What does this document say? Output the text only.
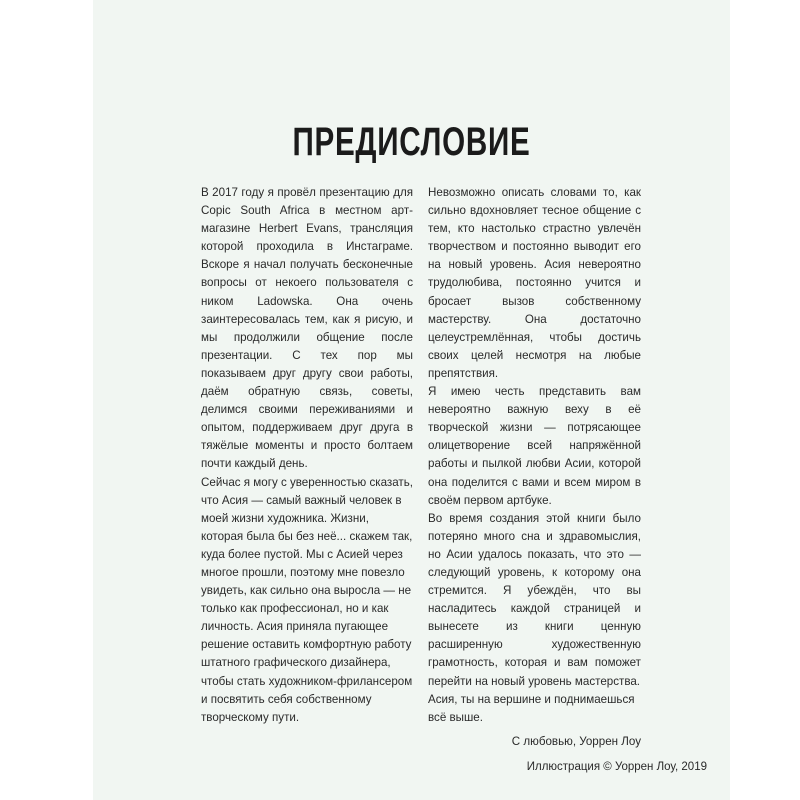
ПРЕДИСЛОВИЕ

В 2017 году я провёл презентацию для Copic South Africa в местном арт-магазине Herbert Evans, трансляция которой проходила в Инстаграме. Вскоре я начал получать бесконечные вопросы от некоего пользователя с ником Ladowska. Она очень заинтересовалась тем, как я рисую, и мы продолжили общение после презентации. С тех пор мы показываем друг другу свои работы, даём обратную связь, советы, делимся своими переживаниями и опытом, поддерживаем друг друга в тяжёлые моменты и просто болтаем почти каждый день.

Сейчас я могу с уверенностью сказать, что Асия — самый важный человек в моей жизни художника. Жизни, которая была бы без неё... скажем так, куда более пустой. Мы с Асией через многое прошли, поэтому мне повезло увидеть, как сильно она выросла — не только как профессионал, но и как личность. Асия приняла пугающее решение оставить комфортную работу штатного графического дизайнера, чтобы стать художником-фрилансером и посвятить себя собственному творческому пути.

Невозможно описать словами то, как сильно вдохновляет тесное общение с тем, кто настолько страстно увлечён творчеством и постоянно выводит его на новый уровень. Асия невероятно трудолюбива, постоянно учится и бросает вызов собственному мастерству. Она достаточно целеустремлённая, чтобы достичь своих целей несмотря на любые препятствия.

Я имею честь представить вам невероятно важную веху в её творческой жизни — потрясающее олицетворение всей напряжённой работы и пылкой любви Асии, которой она поделится с вами и всем миром в своём первом артбуке.

Во время создания этой книги было потеряно много сна и здравомыслия, но Асии удалось показать, что это — следующий уровень, к которому она стремится. Я убеждён, что вы насладитесь каждой страницей и вынесете из книги ценную расширенную художественную грамотность, которая и вам поможет перейти на новый уровень мастерства.

Асия, ты на вершине и поднимаешься всё выше.

С любовью, Уоррен Лоу

Иллюстрация © Уоррен Лоу, 2019
